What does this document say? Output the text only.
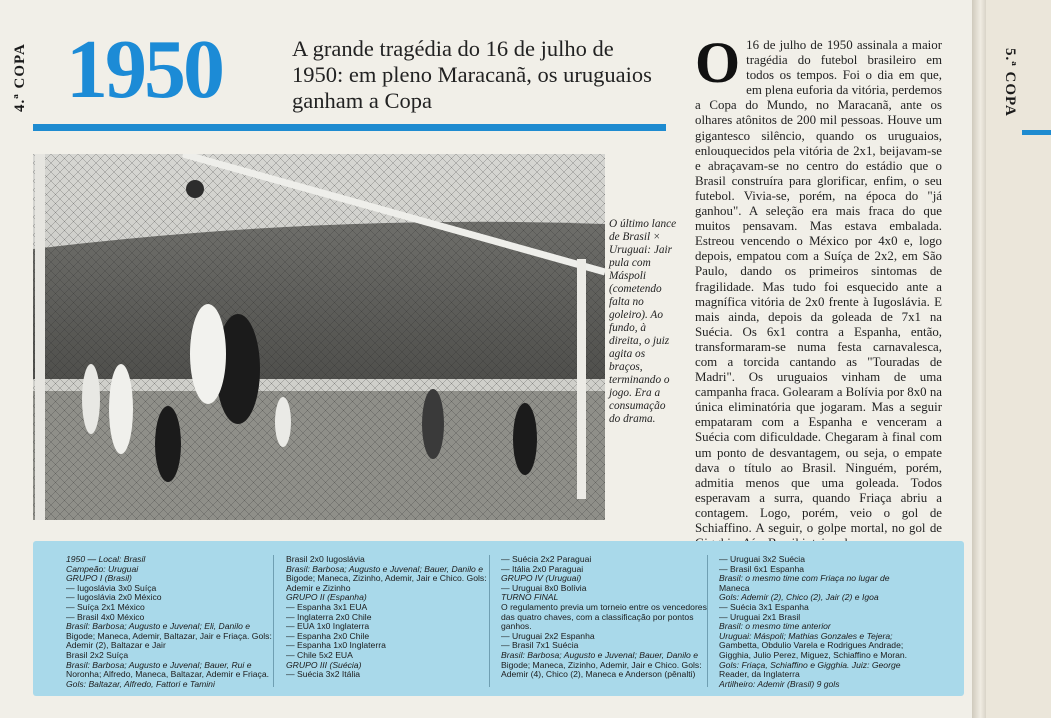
4.ª COPA	5.ª COPA
1950	A grande tragédia do 16 de julho de 1950: em pleno Maracanã, os uruguaios ganham a Copa
O último lance de Brasil × Uruguai: Jair pula com Máspoli (cometendo falta no goleiro). Ao fundo, à direita, o juiz agita os braços, terminando o jogo. Era a consumação do drama.
O 16 de julho de 1950 assinala a maior tragédia do futebol brasileiro em todos os tempos. Foi o dia em que, em plena euforia da vitória, perdemos a Copa do Mundo, no Maracanã, ante os olhares atônitos de 200 mil pessoas. Houve um gigantesco silêncio, quando os uruguaios, enlouquecidos pela vitória de 2x1, beijavam-se e abraçavam-se no centro do estádio que o Brasil construíra para glorificar, enfim, o seu futebol. Vivia-se, porém, na época do "já ganhou". A seleção era mais fraca do que muitos pensavam. Mas estava embalada. Estreou vencendo o México por 4x0 e, logo depois, empatou com a Suíça de 2x2, em São Paulo, dando os primeiros sintomas de fragilidade. Mas tudo foi esquecido ante a magnífica vitória de 2x0 frente à Iugoslávia. E mais ainda, depois da goleada de 7x1 na Suécia. Os 6x1 contra a Espanha, então, transformaram-se numa festa carnavalesca, com a torcida cantando as "Touradas de Madri". Os uruguaios vinham de uma campanha fraca. Golearam a Bolívia por 8x0 na única eliminatória que jogaram. Mas a seguir empataram com a Espanha e venceram a Suécia com dificuldade. Chegaram à final com um ponto de desvantagem, ou seja, o empate dava o título ao Brasil. Ninguém, porém, admitia menos que uma goleada. Todos esperavam a surra, quando Friaça abriu a contagem. Logo, porém, veio o gol de Schiaffino. A seguir, o golpe mortal, no gol de
1950 — Local: Brasil
Campeão: Uruguai
GRUPO I (Brasil)
— Iugoslávia 3x0 Suíça
— Iugoslávia 2x0 México
— Suíça 2x1 México
— Brasil 4x0 México
Brasil: Barbosa; Augusto e Juvenal; Eli, Danilo e
Bigode; Maneca, Ademir, Baltazar, Jair e Friaça. Gols:
Ademir (2), Baltazar e Jair
Brasil 2x2 Suíça
Brasil: Barbosa; Augusto e Juvenal; Bauer, Rui e
Noronha; Alfredo, Maneca, Baltazar, Ademir e Friaça.
Gols: Baltazar, Alfredo, Fattori e Tamini
Brasil 2x0 Iugoslávia
Brasil: Barbosa; Augusto e Juvenal; Bauer, Danilo e
Bigode; Maneca, Zizinho, Ademir, Jair e Chico. Gols:
Ademir e Zizinho
GRUPO II (Espanha)
— Espanha 3x1 EUA
— Inglaterra 2x0 Chile
— EUA 1x0 Inglaterra
— Espanha 2x0 Chile
— Espanha 1x0 Inglaterra
— Chile 5x2 EUA
GRUPO III (Suécia)
— Suécia 3x2 Itália
— Suécia 2x2 Paraguai
— Itália 2x0 Paraguai
GRUPO IV (Uruguai)
— Uruguai 8x0 Bolívia
TURNO FINAL
O regulamento previa um torneio entre os vencedores
das quatro chaves, com a classificação por pontos
ganhos.
— Uruguai 2x2 Espanha
— Brasil 7x1 Suécia
Brasil: Barbosa; Augusto e Juvenal; Bauer, Danilo e
Bigode; Maneca, Zizinho, Ademir, Jair e Chico. Gols:
Ademir (4), Chico (2), Maneca e Anderson (pênalti)
— Uruguai 3x2 Suécia
— Brasil 6x1 Espanha
Brasil: o mesmo time com Friaça no lugar de
Maneca
Gols: Ademir (2), Chico (2), Jair (2) e Igoa
— Suécia 3x1 Espanha
— Uruguai 2x1 Brasil
Brasil: o mesmo time anterior
Uruguai: Máspoli; Mathias Gonzales e Tejera;
Gambetta, Obdulio Varela e Rodrigues Andrade;
Gigghia, Julio Perez, Miguez, Schiaffino e Moran.
Gols: Friaça, Schiaffino e Gigghia. Juiz: George
Reader, da Inglaterra
Artilheiro: Ademir (Brasil) 9 gols
